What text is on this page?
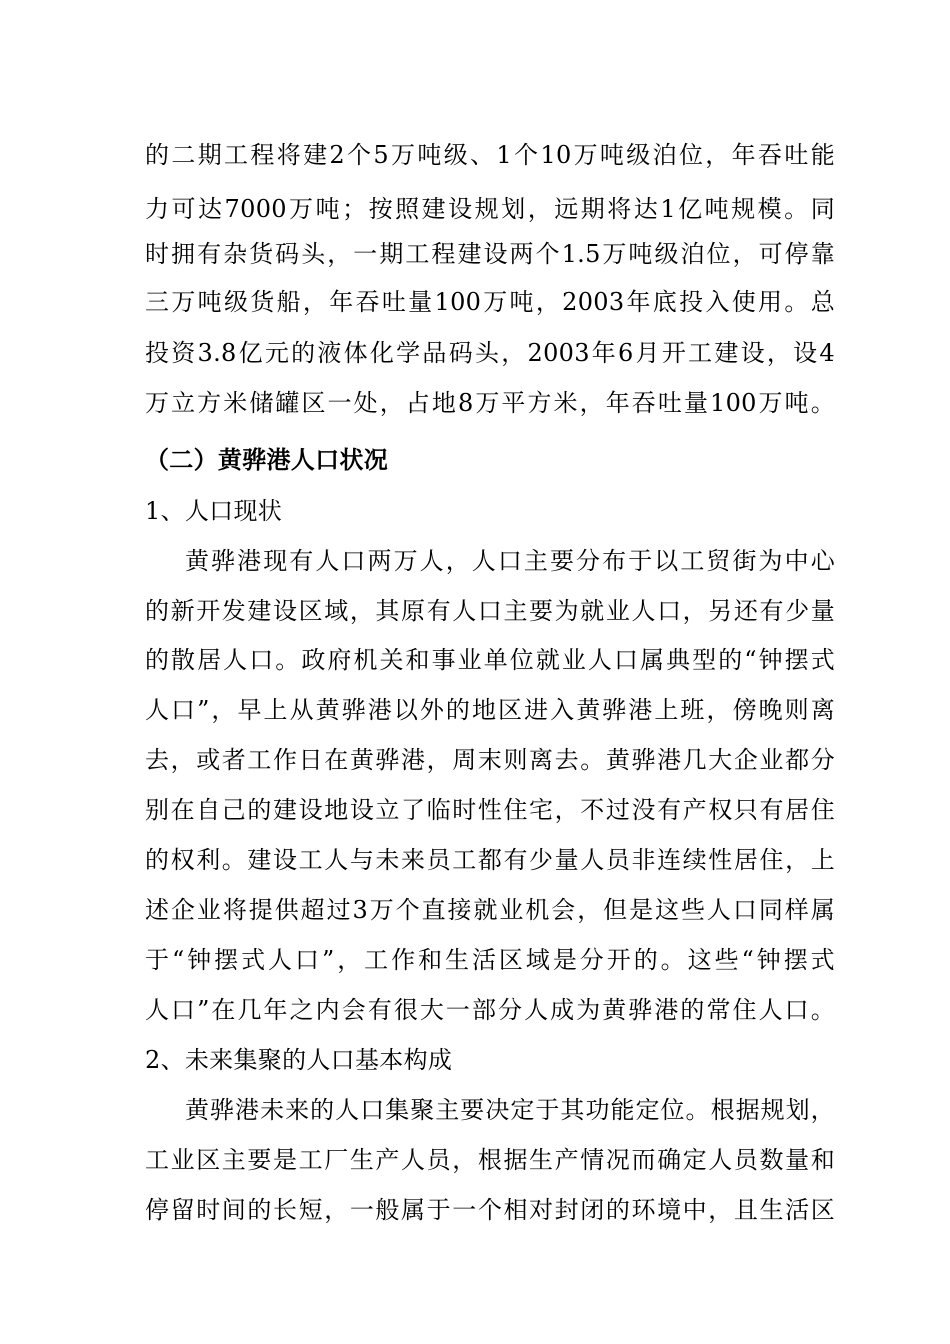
的二期工程将建2个5万吨级、1个10万吨级泊位，年吞吐能
力可达7000万吨；按照建设规划，远期将达1亿吨规模。同
时拥有杂货码头，一期工程建设两个1.5万吨级泊位，可停靠
三万吨级货船，年吞吐量100万吨，2003年底投入使用。总
投资3.8亿元的液体化学品码头，2003年6月开工建设，设4
万立方米储罐区一处，占地8万平方米，年吞吐量100万吨。
（二）黄骅港人口状况
1、人口现状
黄骅港现有人口两万人，人口主要分布于以工贸街为中心
的新开发建设区域，其原有人口主要为就业人口，另还有少量
的散居人口。政府机关和事业单位就业人口属典型的“钟摆式
人口”，早上从黄骅港以外的地区进入黄骅港上班，傍晚则离
去，或者工作日在黄骅港，周末则离去。黄骅港几大企业都分
别在自己的建设地设立了临时性住宅，不过没有产权只有居住
的权利。建设工人与未来员工都有少量人员非连续性居住，上
述企业将提供超过3万个直接就业机会，但是这些人口同样属
于“钟摆式人口”，工作和生活区域是分开的。这些“钟摆式
人口”在几年之内会有很大一部分人成为黄骅港的常住人口。
2、未来集聚的人口基本构成
黄骅港未来的人口集聚主要决定于其功能定位。根据规划，
工业区主要是工厂生产人员，根据生产情况而确定人员数量和
停留时间的长短，一般属于一个相对封闭的环境中，且生活区
